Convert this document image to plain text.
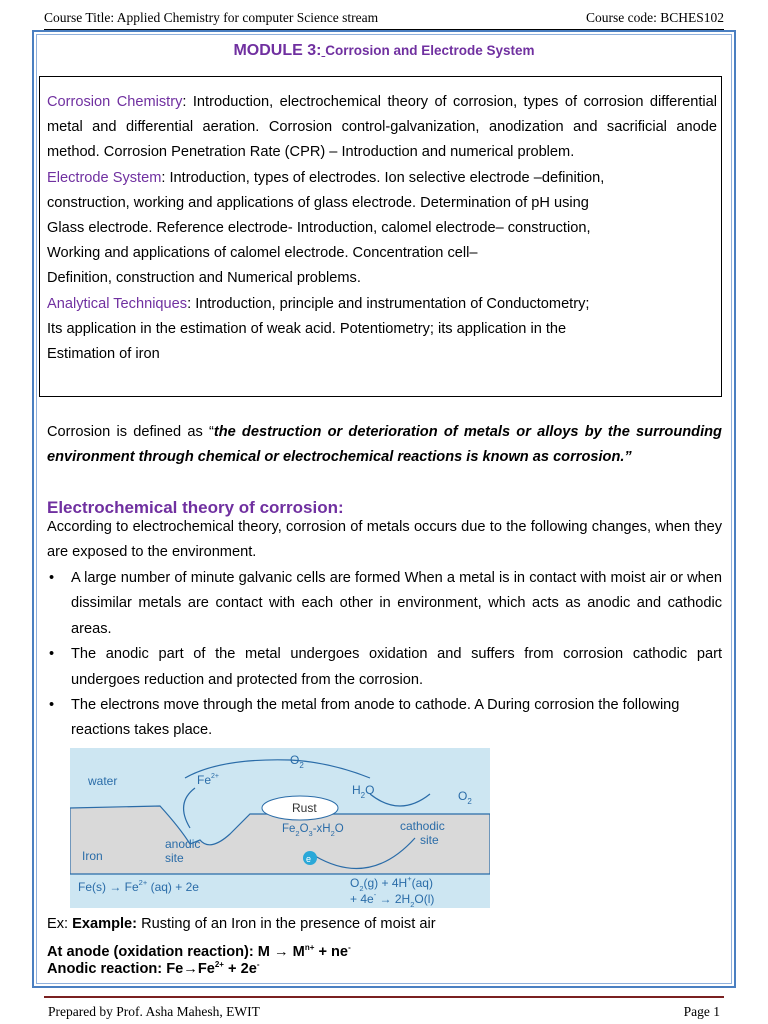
Course Title: Applied Chemistry for computer Science stream	Course code: BCHES102
MODULE 3: Corrosion and Electrode System

Corrosion Chemistry: Introduction, electrochemical theory of corrosion, types of corrosion differential metal and differential aeration. Corrosion control-galvanization, anodization and sacrificial anode method. Corrosion Penetration Rate (CPR) – Introduction and numerical problem.

Electrode System: Introduction, types of electrodes. Ion selective electrode –definition,
construction, working and applications of glass electrode. Determination of pH using
Glass electrode. Reference electrode- Introduction, calomel electrode– construction,
Working and applications of calomel electrode. Concentration cell–
Definition, construction and Numerical problems.

Analytical Techniques: Introduction, principle and instrumentation of Conductometry;
Its application in the estimation of weak acid. Potentiometry; its application in the
Estimation of iron

Corrosion is defined as “the destruction or deterioration of metals or alloys by the surrounding environment through chemical or electrochemical reactions is known as corrosion.”
Electrochemical theory of corrosion:
According to electrochemical theory, corrosion of metals occurs due to the following changes, when they are exposed to the environment.
• A large number of minute galvanic cells are formed When a metal is in contact with moist air or when dissimilar metals are contact with each other in environment, which acts as anodic and cathodic areas.
• The anodic part of the metal undergoes oxidation and suffers from corrosion cathodic part undergoes reduction and protected from the corrosion.
• The electrons move through the metal from anode to cathode. A During corrosion the following reactions takes place.
water	$Fe^{2+}$
$O_2$
$O_2$
Rust
$H_2O$
$Fe_2O_3-xH_2O$	cathodic
site
anodic
site
Iron	e
$Fe(s) \to Fe^{2+}$ (aq) + 2e	$O_2(g) + 4H^+(aq)$
+ $4e^- \to 2H_2O(l)$
Ex: Example: Rusting of an Iron in the presence of moist air
At anode (oxidation reaction): $M \to M^{n+} + ne^-$
Anodic reaction: $Fe\to Fe^{2+} + 2e^-$
Prepared by Prof. Asha Mahesh, EWIT	Page 1
